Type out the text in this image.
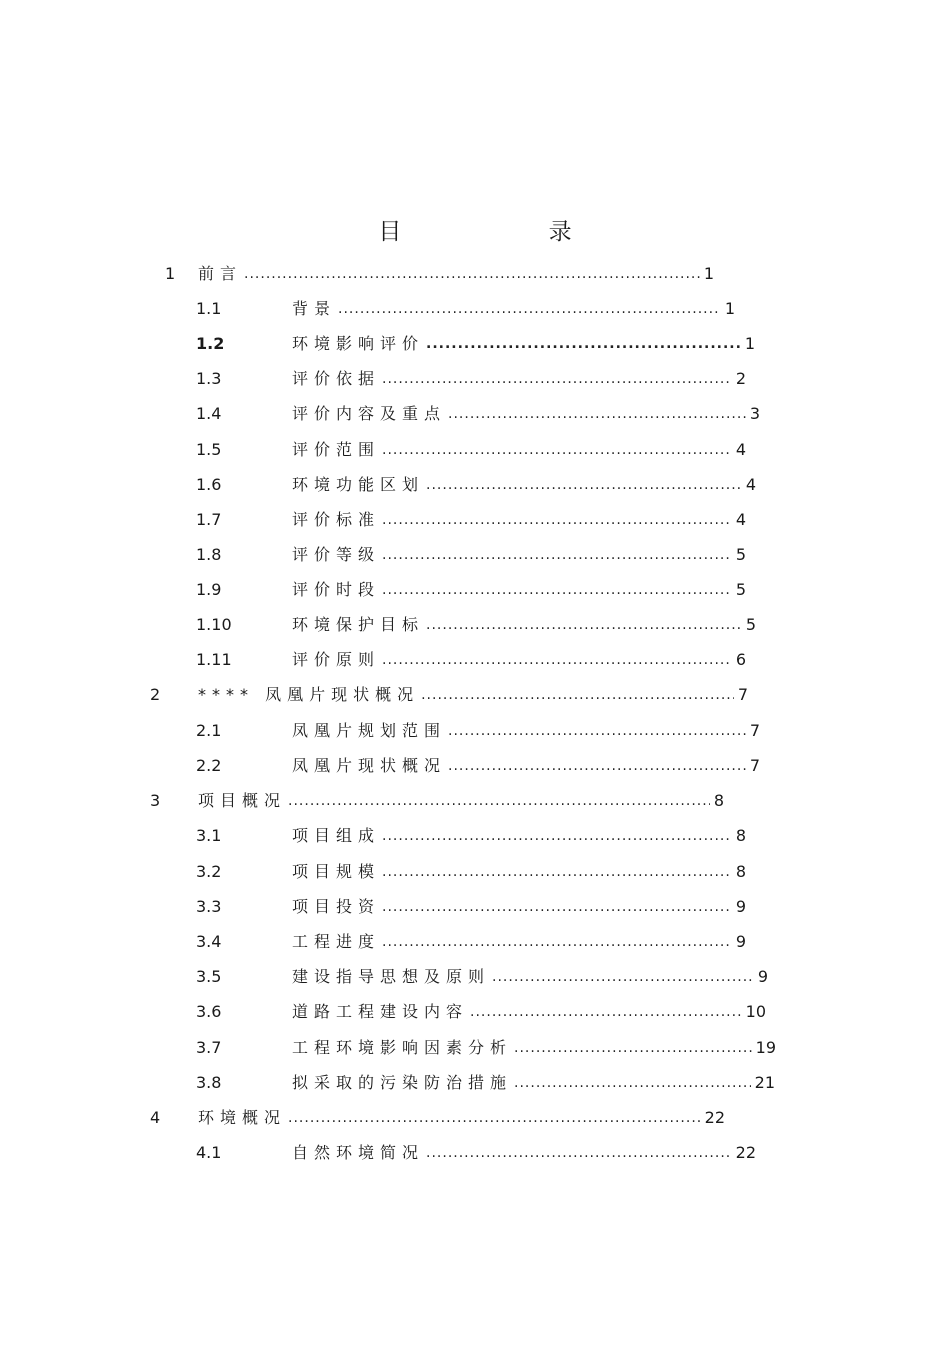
目 录
1	前言 .....	1
1.1	背景 .....	1
1.2	环境影响评价 .....	1
1.3	评价依据 .....	2
1.4	评价内容及重点 .....	3
1.5	评价范围 .....	4
1.6	环境功能区划 .....	4
1.7	评价标准 .....	4
1.8	评价等级 .....	5
1.9	评价时段 .....	5
1.10	环境保护目标 .....	5
1.11	评价原则 .....	6
2	**** 凤凰片现状概况 .....	7
2.1	凤凰片规划范围 .....	7
2.2	凤凰片现状概况 .....	7
3	项目概况 .....	8
3.1	项目组成 .....	8
3.2	项目规模 .....	8
3.3	项目投资 .....	9
3.4	工程进度 .....	9
3.5	建设指导思想及原则 .....	9
3.6	道路工程建设内容 .....	10
3.7	工程环境影响因素分析 .....	19
3.8	拟采取的污染防治措施 .....	21
4	环境概况 .....	22
4.1	自然环境简况 .....	22
